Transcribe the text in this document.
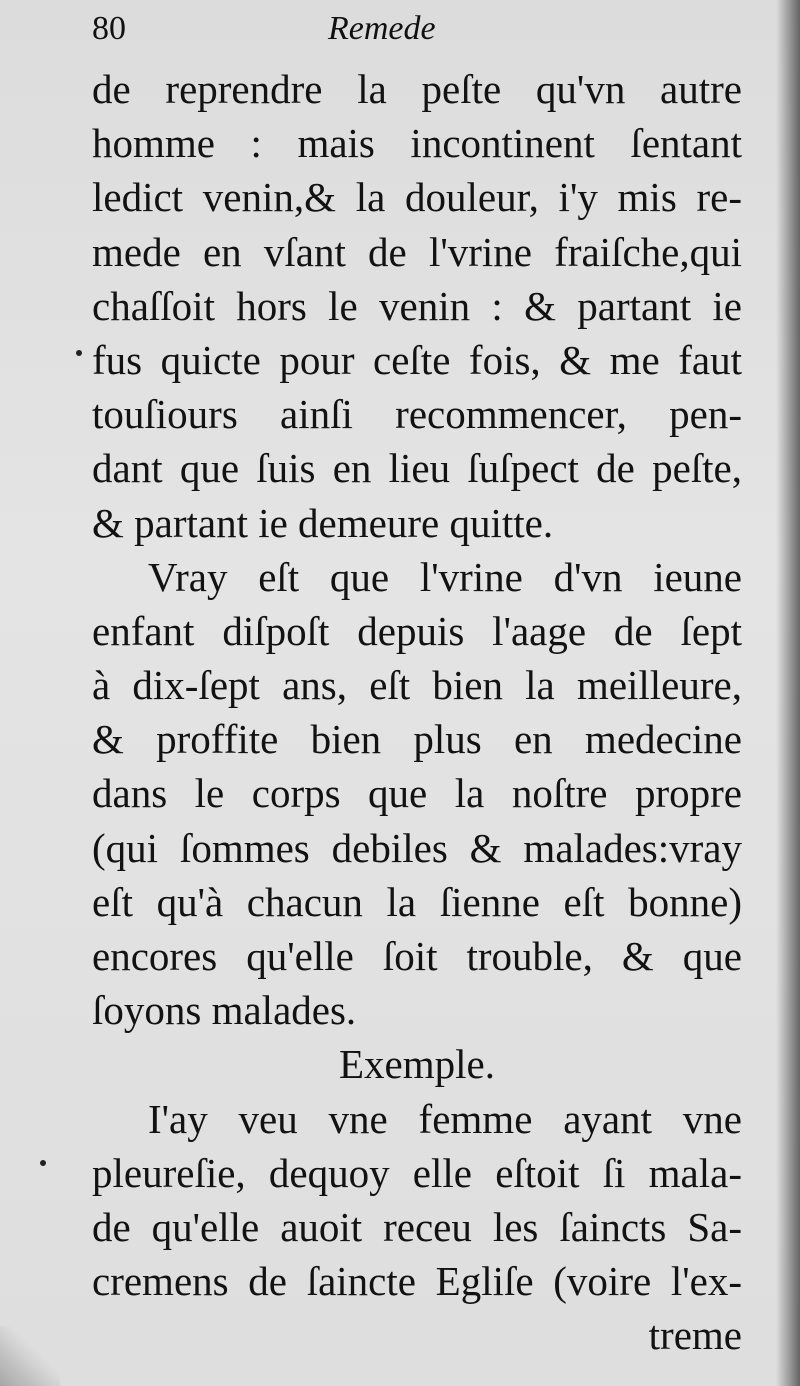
80	Remede
de reprendre la peſte qu'vn autre
homme : mais incontinent ſentant
ledict venin,& la douleur, i'y mis re-
mede en vſant de l'vrine fraiſche,qui
chaſſoit hors le venin : & partant ie
fus quicte pour ceſte fois, & me faut
touſiours ainſi recommencer, pen-
dant que ſuis en lieu ſuſpect de peſte,
& partant ie demeure quitte.
Vray eſt que l'vrine d'vn ieune
enfant diſpoſt depuis l'aage de ſept
à dix-ſept ans, eſt bien la meilleure,
& proffite bien plus en medecine
dans le corps que la noſtre propre
(qui ſommes debiles & malades:vray
eſt qu'à chacun la ſienne eſt bonne)
encores qu'elle ſoit trouble, & que
ſoyons malades.
Exemple.
I'ay veu vne femme ayant vne
pleureſie, dequoy elle eſtoit ſi mala-
de qu'elle auoit receu les ſaincts Sa-
cremens de ſaincte Egliſe (voire l'ex-
treme
